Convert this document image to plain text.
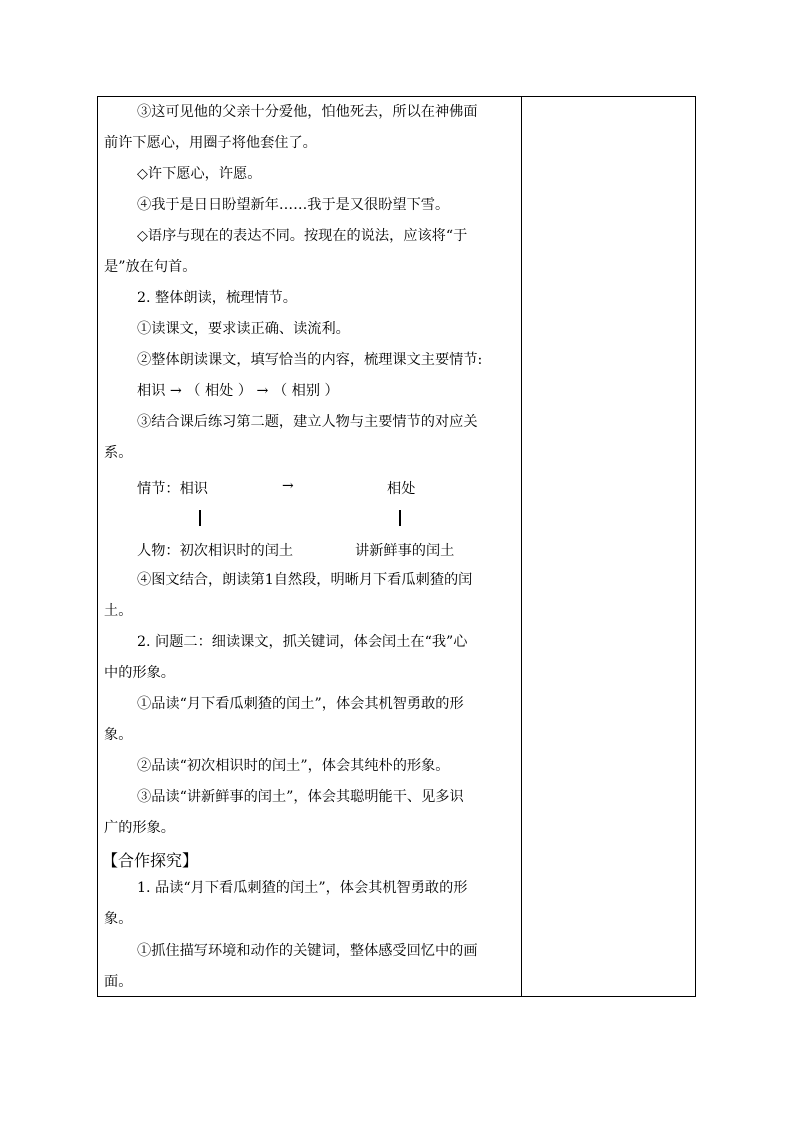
③这可见他的父亲十分爱他，怕他死去，所以在神佛面
前许下愿心，用圈子将他套住了。
◇许下愿心，许愿。
④我于是日日盼望新年……我于是又很盼望下雪。
◇语序与现在的表达不同。按现在的说法，应该将“于
是”放在句首。
2. 整体朗读，梳理情节。
①读课文，要求读正确、读流利。
②整体朗读课文，填写恰当的内容，梳理课文主要情节:
相识 → （ 相处 ） → （ 相别 ）
③结合课后练习第二题，建立人物与主要情节的对应关
系。
情节：相识	→	相处
人物：初次相识时的闰土	讲新鲜事的闰土
④图文结合，朗读第1自然段，明晰月下看瓜刺猹的闰
土。
2. 问题二：细读课文，抓关键词，体会闰土在“我”心
中的形象。
①品读“月下看瓜刺猹的闰土”，体会其机智勇敢的形
象。
②品读“初次相识时的闰土”，体会其纯朴的形象。
③品读“讲新鲜事的闰土”，体会其聪明能干、见多识
广的形象。
【合作探究】
1. 品读“月下看瓜刺猹的闰土”，体会其机智勇敢的形
象。
①抓住描写环境和动作的关键词，整体感受回忆中的画
面。
